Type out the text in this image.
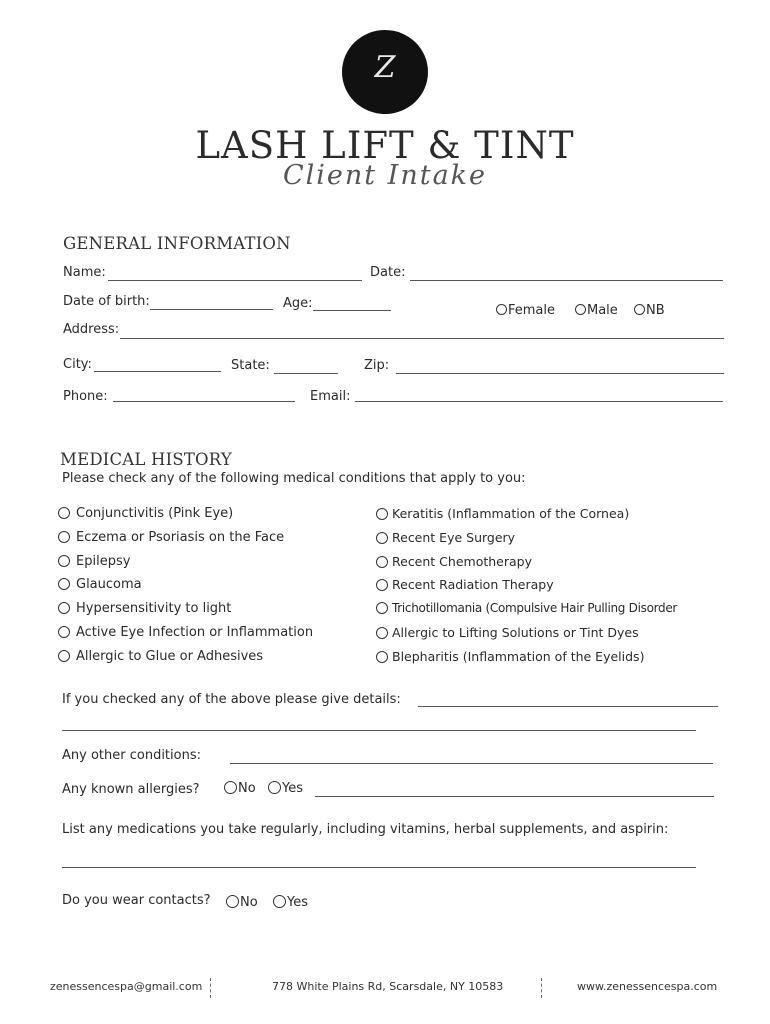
Z
LASH LIFT & TINT
Client Intake
GENERAL INFORMATION
Name:	Date:
Date of birth:	Age:	Female	Male	NB
Address:
City:	State:	Zip:
Phone:	Email:
MEDICAL HISTORY
Please check any of the following medical conditions that apply to you:
Conjunctivitis (Pink Eye)
Eczema or Psoriasis on the Face
Epilepsy
Glaucoma
Hypersensitivity to light
Active Eye Infection or Inflammation
Allergic to Glue or Adhesives
Keratitis (Inflammation of the Cornea)
Recent Eye Surgery
Recent Chemotherapy
Recent Radiation Therapy
Trichotillomania (Compulsive Hair Pulling Disorder
Allergic to Lifting Solutions or Tint Dyes
Blepharitis (Inflammation of the Eyelids)
If you checked any of the above please give details:
Any other conditions:
Any known allergies?	No	Yes
List any medications you take regularly, including vitamins, herbal supplements, and aspirin:
Do you wear contacts?	No	Yes
zenessencespa@gmail.com	778 White Plains Rd, Scarsdale, NY 10583	www.zenessencespa.com
